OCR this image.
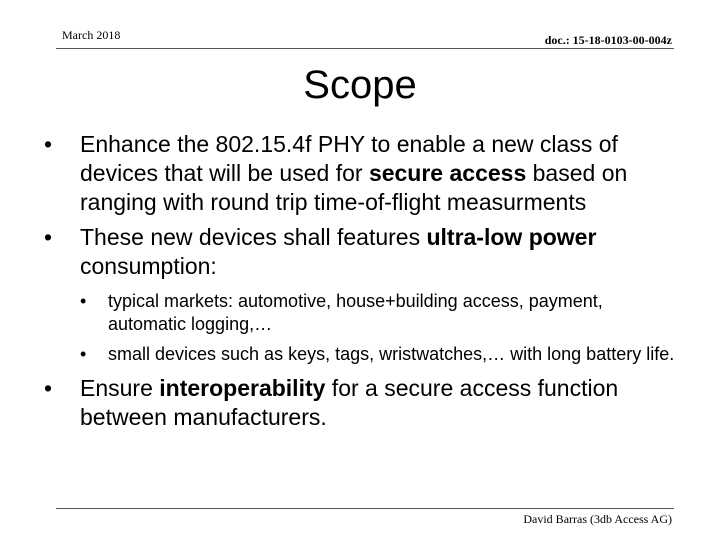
March 2018	doc.: 15-18-0103-00-004z
Scope
• Enhance the 802.15.4f PHY to enable a new class of devices that will be used for secure access based on ranging with round trip time-of-flight measurments
• These new devices shall features ultra-low power consumption:
• typical markets: automotive, house+building access, payment, automatic logging,…
• small devices such as keys, tags, wristwatches,… with long battery life.
• Ensure interoperability for a secure access function between manufacturers.
David Barras (3db Access AG)
